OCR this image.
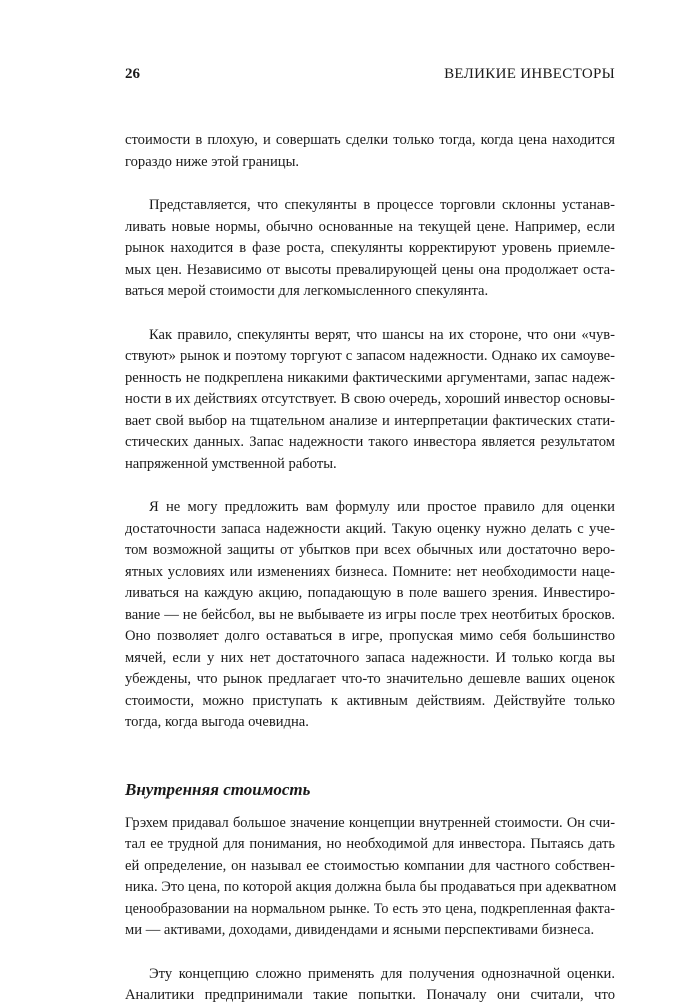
26	ВЕЛИКИЕ ИНВЕСТОРЫ

стоимости в плохую, и совершать сделки только тогда, когда цена находится
гораздо ниже этой границы.

Представляется, что спекулянты в процессе торговли склонны устанав-
ливать новые нормы, обычно основанные на текущей цене. Например, если
рынок находится в фазе роста, спекулянты корректируют уровень приемле-
мых цен. Независимо от высоты превалирующей цены она продолжает оста-
ваться мерой стоимости для легкомысленного спекулянта.

Как правило, спекулянты верят, что шансы на их стороне, что они «чув-
ствуют» рынок и поэтому торгуют с запасом надежности. Однако их самоуве-
ренность не подкреплена никакими фактическими аргументами, запас надеж-
ности в их действиях отсутствует. В свою очередь, хороший инвестор основы-
вает свой выбор на тщательном анализе и интерпретации фактических стати-
стических данных. Запас надежности такого инвестора является результатом
напряженной умственной работы.

Я не могу предложить вам формулу или простое правило для оценки
достаточности запаса надежности акций. Такую оценку нужно делать с уче-
том возможной защиты от убытков при всех обычных или достаточно веро-
ятных условиях или изменениях бизнеса. Помните: нет необходимости наце-
ливаться на каждую акцию, попадающую в поле вашего зрения. Инвестиро-
вание — не бейсбол, вы не выбываете из игры после трех неотбитых бросков.
Оно позволяет долго оставаться в игре, пропуская мимо себя большинство
мячей, если у них нет достаточного запаса надежности. И только когда вы
убеждены, что рынок предлагает что-то значительно дешевле ваших оценок
стоимости, можно приступать к активным действиям. Действуйте только
тогда, когда выгода очевидна.

Внутренняя стоимость

Грэхем придавал большое значение концепции внутренней стоимости. Он счи-
тал ее трудной для понимания, но необходимой для инвестора. Пытаясь дать
ей определение, он называл ее стоимостью компании для частного собствен-
ника. Это цена, по которой акция должна была бы продаваться при адекватном
ценообразовании на нормальном рынке. То есть это цена, подкрепленная факта-
ми — активами, доходами, дивидендами и ясными перспективами бизнеса.

Эту концепцию сложно применять для получения однозначной оценки.
Аналитики предпринимали такие попытки. Поначалу они считали, что
